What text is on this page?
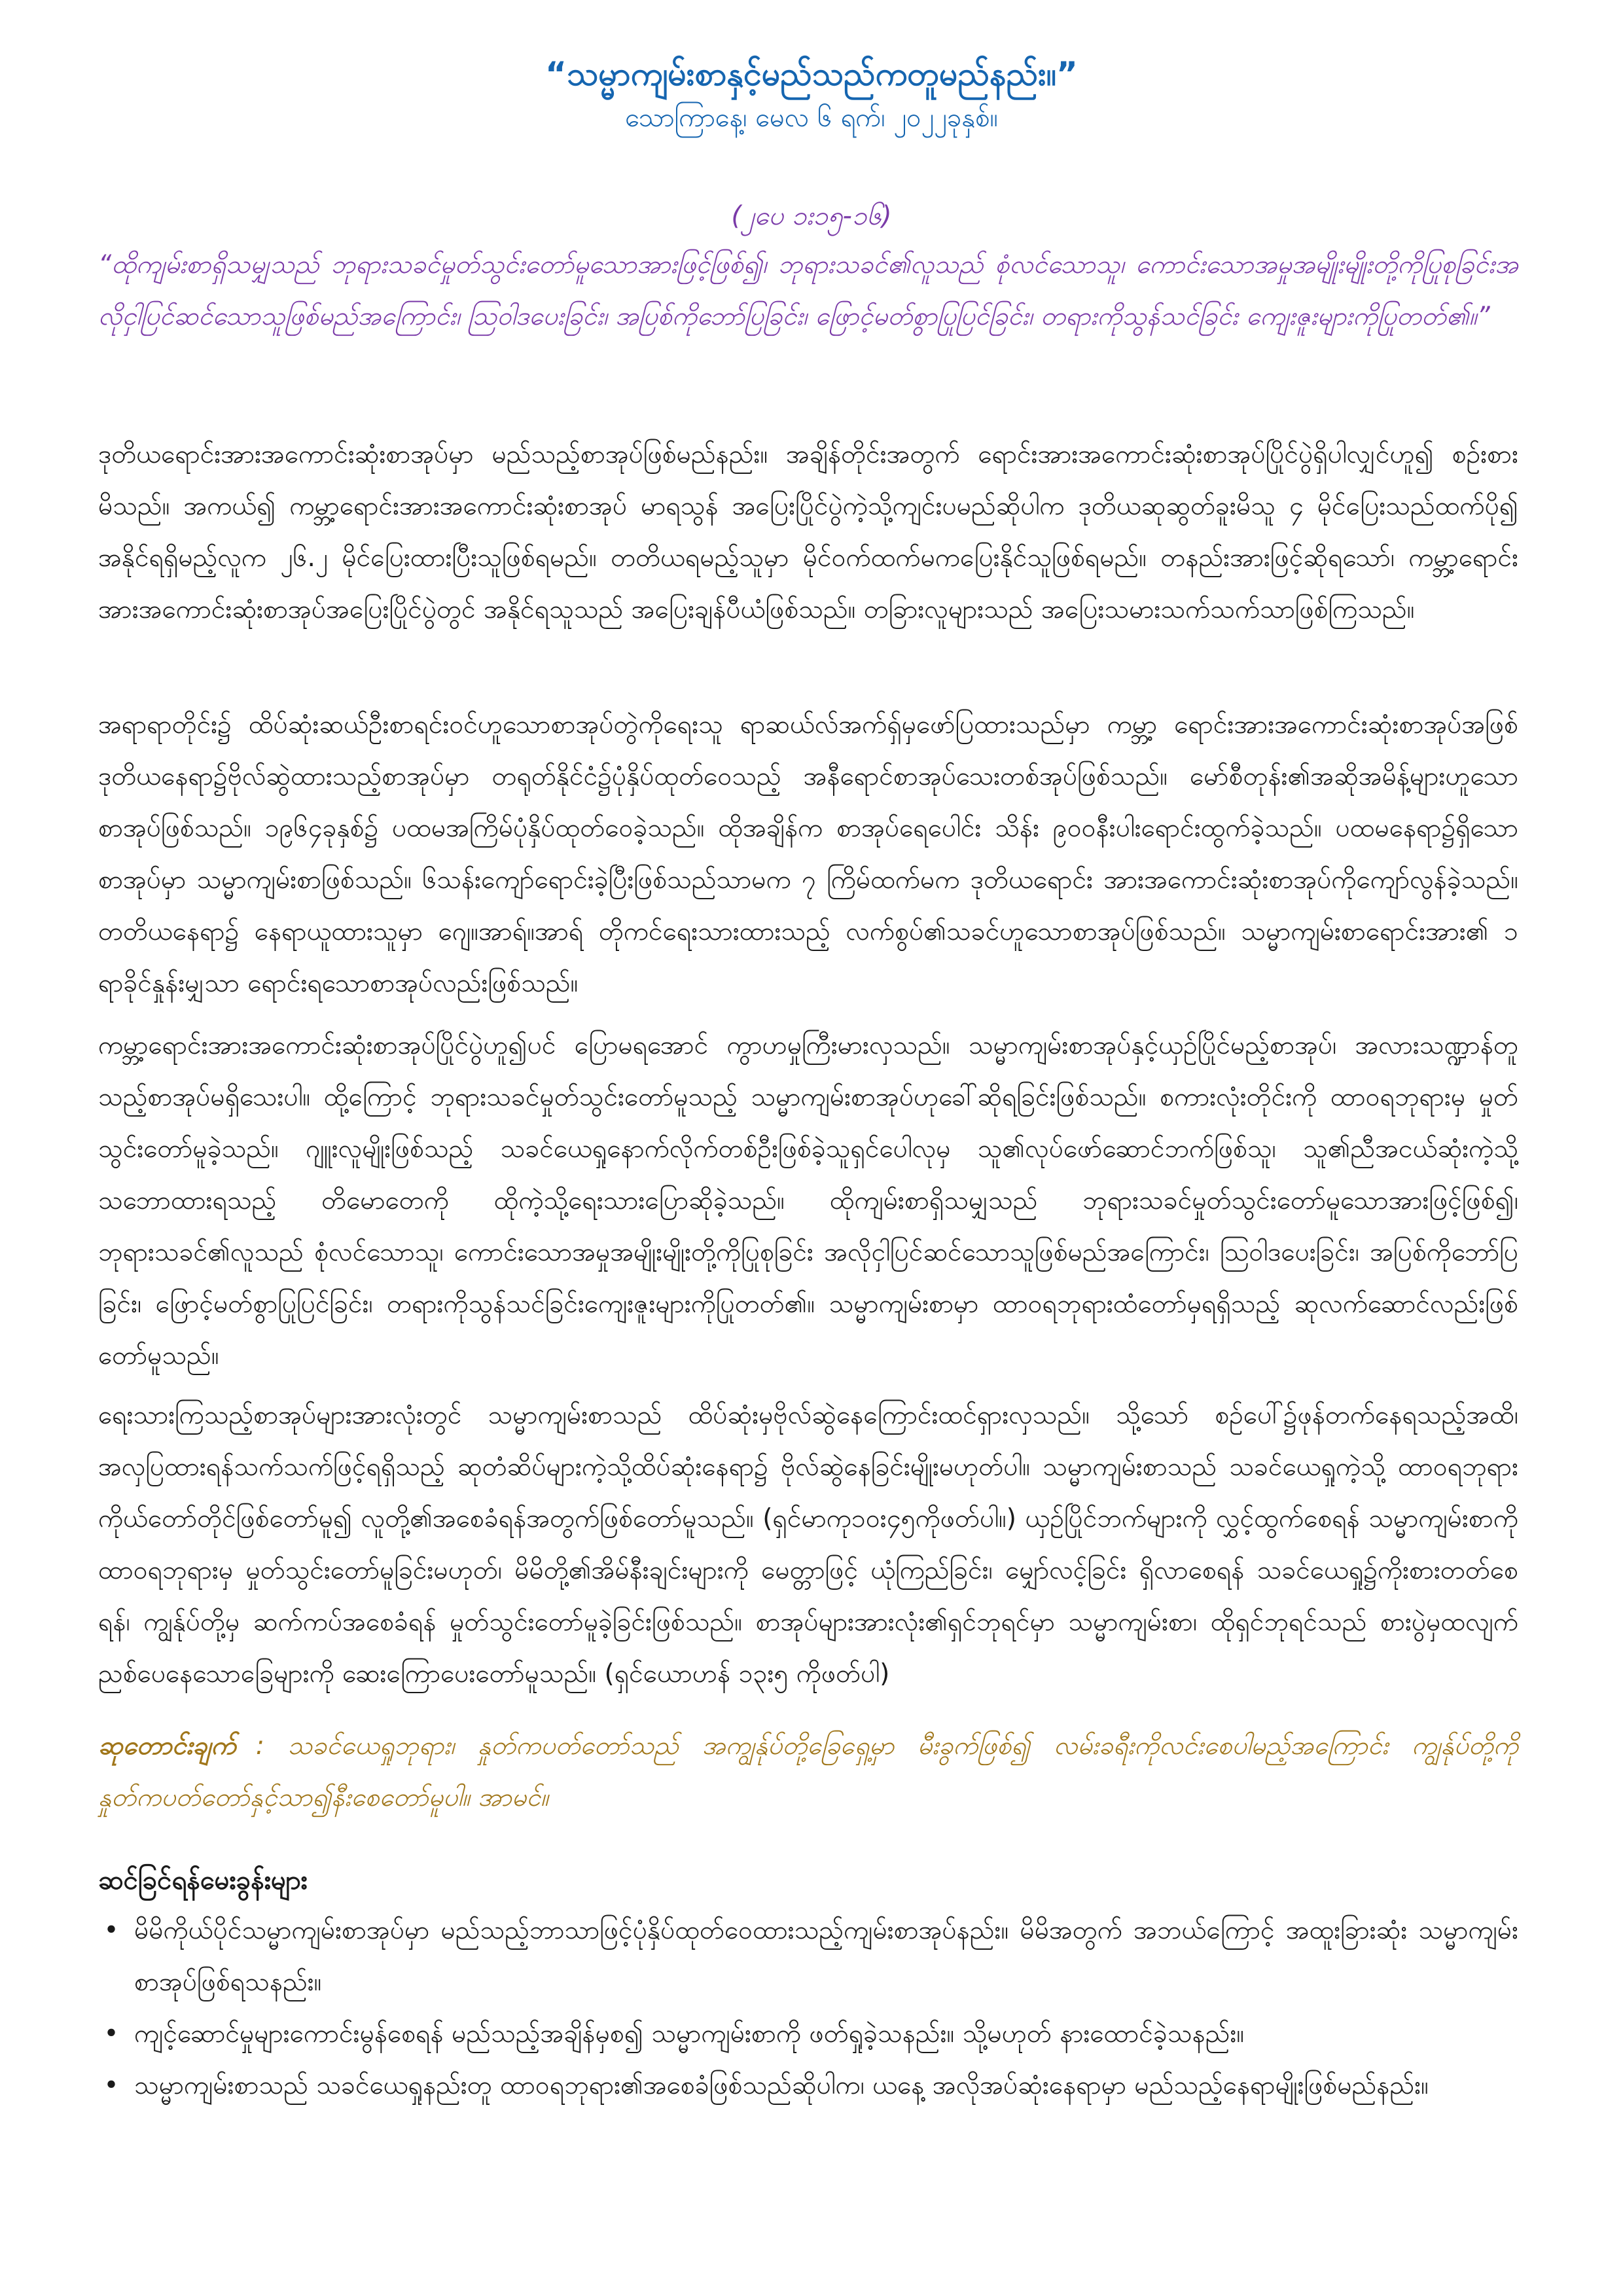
“သမ္မာကျမ်းစာနှင့်မည်သည်ကတူမည်နည်း။”

သောကြာနေ့၊ မေလ ၆ ရက်၊ ၂၀၂၂ခုနှစ်။

(၂ပေ ၁း၁၅-၁၆)

“ထိုကျမ်းစာရှိသမျှသည် ဘုရားသခင်မှုတ်သွင်းတော်မူသောအားဖြင့်ဖြစ်၍၊ ဘုရားသခင်၏လူသည် စုံလင်သောသူ၊ ကောင်းသောအမှုအမျိုးမျိုးတို့ကိုပြုစုခြင်းအလိုငှါပြင်ဆင်သောသူဖြစ်မည်အကြောင်း၊ ဩဝါဒပေးခြင်း၊ အပြစ်ကိုဘော်ပြခြင်း၊ ဖြောင့်မတ်စွာပြုပြင်ခြင်း၊ တရားကိုသွန်သင်ခြင်း ကျေးဇူးများကိုပြုတတ်၏။”

ဒုတိယရောင်းအားအကောင်းဆုံးစာအုပ်မှာ မည်သည့်စာအုပ်ဖြစ်မည်နည်း။ အချိန်တိုင်းအတွက် ရောင်းအားအကောင်းဆုံးစာအုပ်ပြိုင်ပွဲရှိပါလျှင်ဟူ၍ စဉ်းစားမိသည်။ အကယ်၍ ကမ္ဘာ့ရောင်းအားအကောင်းဆုံးစာအုပ် မာရသွန် အပြေးပြိုင်ပွဲကဲ့သို့ကျင်းပမည်ဆိုပါက ဒုတိယဆုဆွတ်ခူးမိသူ ၄ မိုင်ပြေးသည်ထက်ပို၍ အနိုင်ရရှိမည့်လူက ၂၆.၂ မိုင်ပြေးထားပြီးသူဖြစ်ရမည်။ တတိယရမည့်သူမှာ မိုင်ဝက်ထက်မကပြေးနိုင်သူဖြစ်ရမည်။ တနည်းအားဖြင့်ဆိုရသော်၊ ကမ္ဘာ့ရောင်းအားအကောင်းဆုံးစာအုပ်အပြေးပြိုင်ပွဲတွင် အနိုင်ရသူသည် အပြေးချန်ပီယံဖြစ်သည်။ တခြားလူများသည် အပြေးသမားသက်သက်သာဖြစ်ကြသည်။

အရာရာတိုင်း၌ ထိပ်ဆုံးဆယ်ဦးစာရင်းဝင်ဟူသောစာအုပ်တွဲကိုရေးသူ ရာဆယ်လ်အက်ရှ်မှဖော်ပြထားသည်မှာ ကမ္ဘာ့ ရောင်းအားအကောင်းဆုံးစာအုပ်အဖြစ် ဒုတိယနေရာ၌ဗိုလ်ဆွဲထားသည့်စာအုပ်မှာ တရုတ်နိုင်ငံ၌ပုံနှိပ်ထုတ်ဝေသည့် အနီရောင်စာအုပ်သေးတစ်အုပ်ဖြစ်သည်။ မော်စီတုန်း၏အဆိုအမိန့်များဟူသောစာအုပ်ဖြစ်သည်။ ၁၉၆၄ခုနှစ်၌ ပထမအကြိမ်ပုံနှိပ်ထုတ်ဝေခဲ့သည်။ ထိုအချိန်က စာအုပ်ရေပေါင်း သိန်း ၉၀၀နီးပါးရောင်းထွက်ခဲ့သည်။ ပထမနေရာ၌ရှိသောစာအုပ်မှာ သမ္မာကျမ်းစာဖြစ်သည်။ ၆သန်းကျော်ရောင်းခဲ့ပြီးဖြစ်သည်သာမက ၇ ကြိမ်ထက်မက ဒုတိယရောင်း အားအကောင်းဆုံးစာအုပ်ကိုကျော်လွန်ခဲ့သည်။ တတိယနေရာ၌ နေရာယူထားသူမှာ ဂျေ။အာရ်။အာရ် တိုကင်ရေးသားထားသည့် လက်စွပ်၏သခင်ဟူသောစာအုပ်ဖြစ်သည်။ သမ္မာကျမ်းစာရောင်းအား၏ ၁ ရာခိုင်နှုန်းမျှသာ ရောင်းရသောစာအုပ်လည်းဖြစ်သည်။

ကမ္ဘာ့ရောင်းအားအကောင်းဆုံးစာအုပ်ပြိုင်ပွဲဟူ၍ပင် ပြောမရအောင် ကွာဟမှုကြီးမားလှသည်။ သမ္မာကျမ်းစာအုပ်နှင့်ယှဉ်ပြိုင်မည့်စာအုပ်၊ အလားသဏ္ဍာန်တူသည့်စာအုပ်မရှိသေးပါ။ ထို့ကြောင့် ဘုရားသခင်မှုတ်သွင်းတော်မူသည့် သမ္မာကျမ်းစာအုပ်ဟုခေါ်ဆိုရခြင်းဖြစ်သည်။ စကားလုံးတိုင်းကို ထာဝရဘုရားမှ မှုတ်သွင်းတော်မူခဲ့သည်။ ဂျူးလူမျိုးဖြစ်သည့် သခင်ယေရှုနောက်လိုက်တစ်ဦးဖြစ်ခဲ့သူရှင်ပေါလုမှ သူ၏လုပ်ဖော်ဆောင်ဘက်ဖြစ်သူ၊ သူ၏ညီအငယ်ဆုံးကဲ့သို့သဘောထားရသည့် တိမောတေကို ထိုကဲ့သို့ရေးသားပြောဆိုခဲ့သည်။ ထိုကျမ်းစာရှိသမျှသည် ဘုရားသခင်မှုတ်သွင်းတော်မူသောအားဖြင့်ဖြစ်၍၊ ဘုရားသခင်၏လူသည် စုံလင်သောသူ၊ ကောင်းသောအမှုအမျိုးမျိုးတို့ကိုပြုစုခြင်း အလိုငှါပြင်ဆင်သောသူဖြစ်မည်အကြောင်း၊ ဩဝါဒပေးခြင်း၊ အပြစ်ကိုဘော်ပြခြင်း၊ ဖြောင့်မတ်စွာပြုပြင်ခြင်း၊ တရားကိုသွန်သင်ခြင်းကျေးဇူးများကိုပြုတတ်၏။ သမ္မာကျမ်းစာမှာ ထာဝရဘုရားထံတော်မှရရှိသည့် ဆုလက်ဆောင်လည်းဖြစ်တော်မူသည်။

ရေးသားကြသည့်စာအုပ်များအားလုံးတွင် သမ္မာကျမ်းစာသည် ထိပ်ဆုံးမှဗိုလ်ဆွဲနေကြောင်းထင်ရှားလှသည်။ သို့သော် စဉ်ပေါ်၌ဖုန်တက်နေရသည့်အထိ၊ အလှပြထားရန်သက်သက်ဖြင့်ရရှိသည့် ဆုတံဆိပ်များကဲ့သို့ထိပ်ဆုံးနေရာ၌ ဗိုလ်ဆွဲနေခြင်းမျိုးမဟုတ်ပါ။ သမ္မာကျမ်းစာသည် သခင်ယေရှုကဲ့သို့ ထာဝရဘုရားကိုယ်တော်တိုင်ဖြစ်တော်မူ၍ လူတို့၏အစေခံရန်အတွက်ဖြစ်တော်မူသည်။ (ရှင်မာကု၁၀း၄၅ကိုဖတ်ပါ။) ယှဉ်ပြိုင်ဘက်များကို လွှင့်ထွက်စေရန် သမ္မာကျမ်းစာကို ထာဝရဘုရားမှ မှုတ်သွင်းတော်မူခြင်းမဟုတ်၊ မိမိတို့၏အိမ်နီးချင်းများကို မေတ္တာဖြင့် ယုံကြည်ခြင်း၊ မျှော်လင့်ခြင်း ရှိလာစေရန် သခင်ယေရှု၌ကိုးစားတတ်စေရန်၊ ကျွန်ုပ်တို့မှ ဆက်ကပ်အစေခံရန် မှုတ်သွင်းတော်မူခဲ့ခြင်းဖြစ်သည်။ စာအုပ်များအားလုံး၏ရှင်ဘုရင်မှာ သမ္မာကျမ်းစာ၊ ထိုရှင်ဘုရင်သည် စားပွဲမှထလျက် ညစ်ပေနေသောခြေများကို ဆေးကြောပေးတော်မူသည်။ (ရှင်ယောဟန် ၁၃း၅ ကိုဖတ်ပါ)

ဆုတောင်းချက် : သခင်ယေရှုဘုရား၊ နှုတ်ကပတ်တော်သည် အကျွန်ုပ်တို့ခြေရှေ့မှာ မီးခွက်ဖြစ်၍ လမ်းခရီးကိုလင်းစေပါမည့်အကြောင်း ကျွန်ုပ်တို့ကို နှုတ်ကပတ်တော်နှင့်သာ၍နီးစေတော်မူပါ။ အာမင်။

ဆင်ခြင်ရန်မေးခွန်းများ
•
မိမိကိုယ်ပိုင်သမ္မာကျမ်းစာအုပ်မှာ မည်သည့်ဘာသာဖြင့်ပုံနှိပ်ထုတ်ဝေထားသည့်ကျမ်းစာအုပ်နည်း။ မိမိအတွက် အဘယ်ကြောင့် အထူးခြားဆုံး သမ္မာကျမ်းစာအုပ်ဖြစ်ရသနည်း။
•
ကျင့်ဆောင်မှုများကောင်းမွန်စေရန် မည်သည့်အချိန်မှစ၍ သမ္မာကျမ်းစာကို ဖတ်ရှုခဲ့သနည်း။ သို့မဟုတ် နားထောင်ခဲ့သနည်း။
•
သမ္မာကျမ်းစာသည် သခင်ယေရှုနည်းတူ ထာဝရဘုရား၏အစေခံဖြစ်သည်ဆိုပါက၊ ယနေ့ အလိုအပ်ဆုံးနေရာမှာ မည်သည့်နေရာမျိုးဖြစ်မည်နည်း။
